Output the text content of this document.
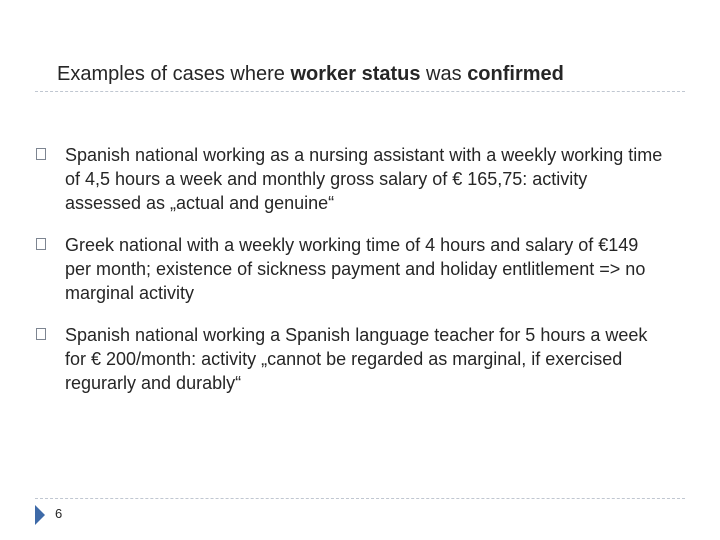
Examples of cases where worker status was confirmed
Spanish national working as a nursing assistant with a weekly working time of 4,5 hours a week and monthly gross salary of € 165,75: activity assessed as „actual and genuine“
Greek national with a weekly working time of 4 hours and salary of €149 per month; existence of sickness payment and holiday entlitlement => no marginal activity
Spanish national working a Spanish language teacher for 5 hours a week for € 200/month: activity „cannot be regarded as marginal, if exercised regurarly and durably“
6
